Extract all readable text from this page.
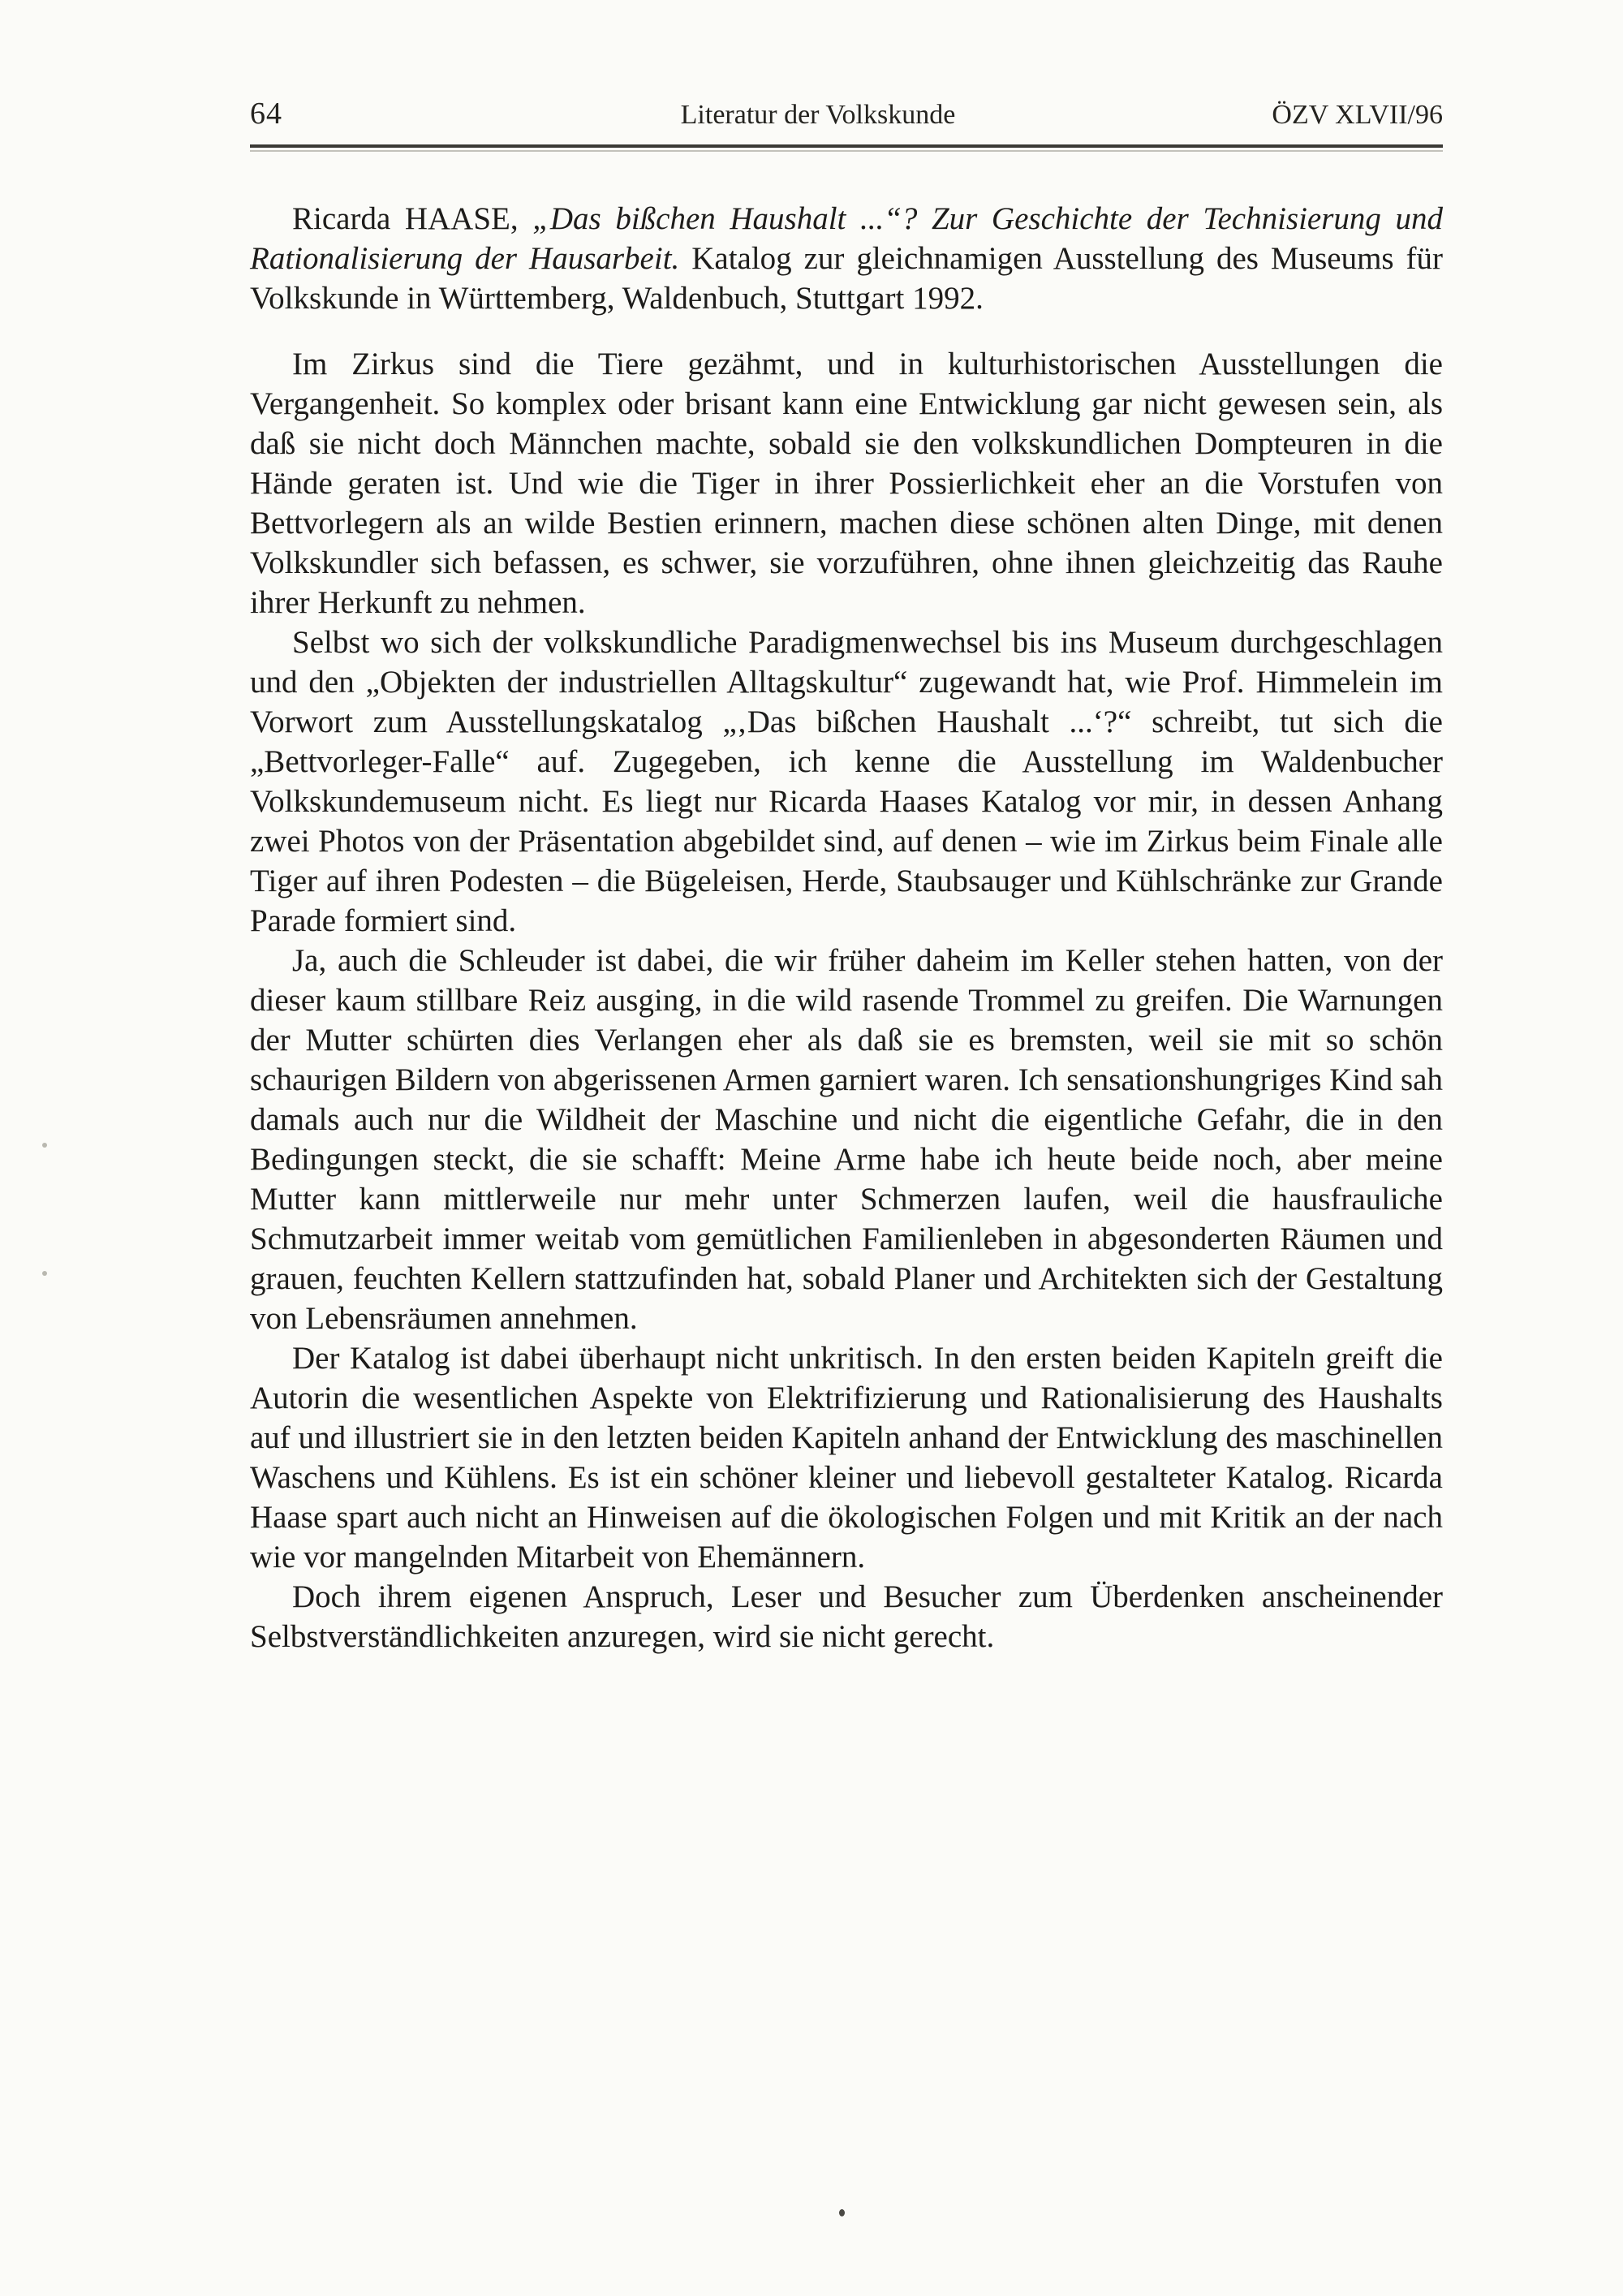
64	Literatur der Volkskunde	ÖZV XLVII/96

Ricarda HAASE, „Das bißchen Haushalt ...“? Zur Geschichte der Technisierung und Rationalisierung der Hausarbeit. Katalog zur gleichnamigen Ausstellung des Museums für Volkskunde in Württemberg, Waldenbuch, Stuttgart 1992.

Im Zirkus sind die Tiere gezähmt, und in kulturhistorischen Ausstellungen die Vergangenheit. So komplex oder brisant kann eine Entwicklung gar nicht gewesen sein, als daß sie nicht doch Männchen machte, sobald sie den volkskundlichen Dompteuren in die Hände geraten ist. Und wie die Tiger in ihrer Possierlichkeit eher an die Vorstufen von Bettvorlegern als an wilde Bestien erinnern, machen diese schönen alten Dinge, mit denen Volkskundler sich befassen, es schwer, sie vorzuführen, ohne ihnen gleichzeitig das Rauhe ihrer Herkunft zu nehmen.

Selbst wo sich der volkskundliche Paradigmenwechsel bis ins Museum durchgeschlagen und den „Objekten der industriellen Alltagskultur“ zugewandt hat, wie Prof. Himmelein im Vorwort zum Ausstellungskatalog „‚Das bißchen Haushalt ...‘?“ schreibt, tut sich die „Bettvorleger-Falle“ auf. Zugegeben, ich kenne die Ausstellung im Waldenbucher Volkskundemuseum nicht. Es liegt nur Ricarda Haases Katalog vor mir, in dessen Anhang zwei Photos von der Präsentation abgebildet sind, auf denen – wie im Zirkus beim Finale alle Tiger auf ihren Podesten – die Bügeleisen, Herde, Staubsauger und Kühlschränke zur Grande Parade formiert sind.

Ja, auch die Schleuder ist dabei, die wir früher daheim im Keller stehen hatten, von der dieser kaum stillbare Reiz ausging, in die wild rasende Trommel zu greifen. Die Warnungen der Mutter schürten dies Verlangen eher als daß sie es bremsten, weil sie mit so schön schaurigen Bildern von abgerissenen Armen garniert waren. Ich sensationshungriges Kind sah damals auch nur die Wildheit der Maschine und nicht die eigentliche Gefahr, die in den Bedingungen steckt, die sie schafft: Meine Arme habe ich heute beide noch, aber meine Mutter kann mittlerweile nur mehr unter Schmerzen laufen, weil die hausfrauliche Schmutzarbeit immer weitab vom gemütlichen Familienleben in abgesonderten Räumen und grauen, feuchten Kellern stattzufinden hat, sobald Planer und Architekten sich der Gestaltung von Lebensräumen annehmen.

Der Katalog ist dabei überhaupt nicht unkritisch. In den ersten beiden Kapiteln greift die Autorin die wesentlichen Aspekte von Elektrifizierung und Rationalisierung des Haushalts auf und illustriert sie in den letzten beiden Kapiteln anhand der Entwicklung des maschinellen Waschens und Kühlens. Es ist ein schöner kleiner und liebevoll gestalteter Katalog. Ricarda Haase spart auch nicht an Hinweisen auf die ökologischen Folgen und mit Kritik an der nach wie vor mangelnden Mitarbeit von Ehemännern.

Doch ihrem eigenen Anspruch, Leser und Besucher zum Überdenken anscheinender Selbstverständlichkeiten anzuregen, wird sie nicht gerecht.
